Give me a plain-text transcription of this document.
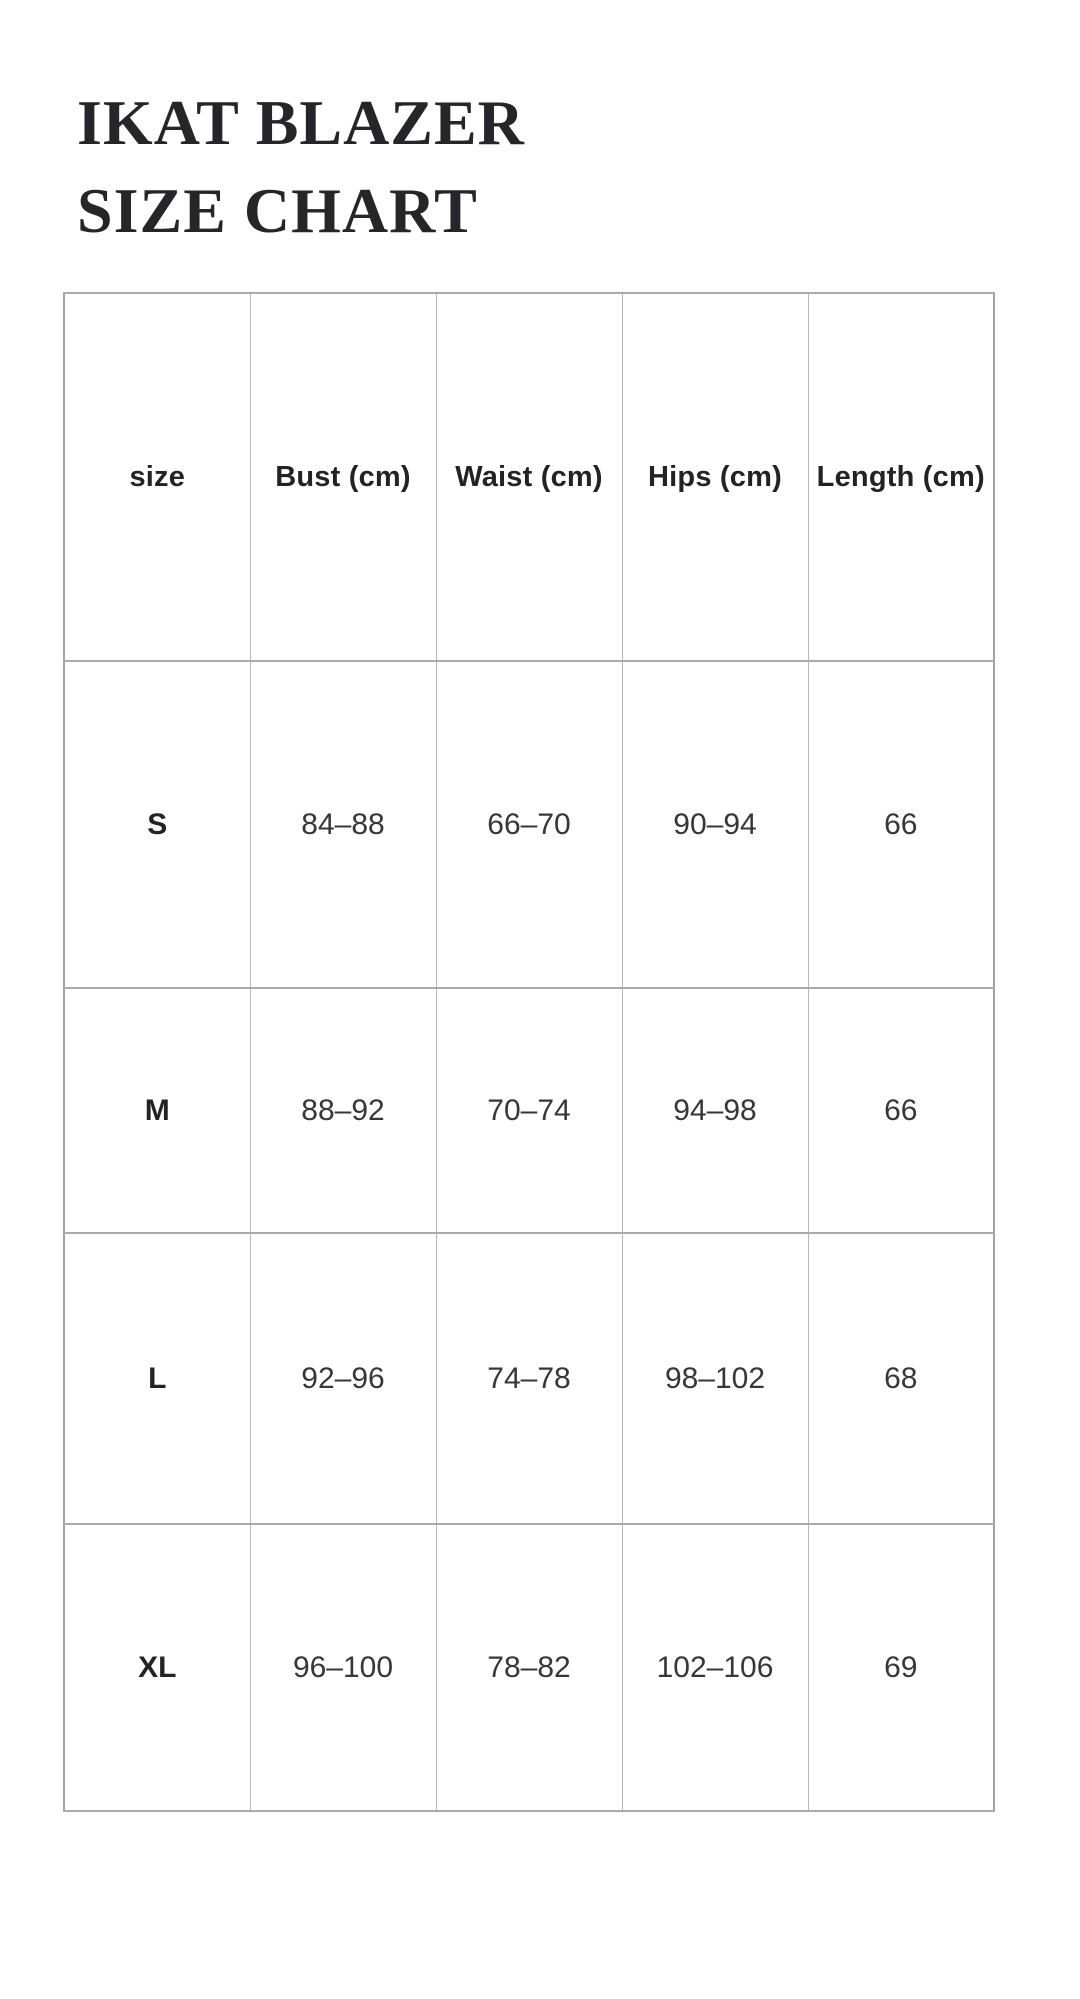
IKAT BLAZER
SIZE CHART
size	Bust (cm)	Waist (cm)	Hips (cm)	Length (cm)
S	84–88	66–70	90–94	66
M	88–92	70–74	94–98	66
L	92–96	74–78	98–102	68
XL	96–100	78–82	102–106	69
